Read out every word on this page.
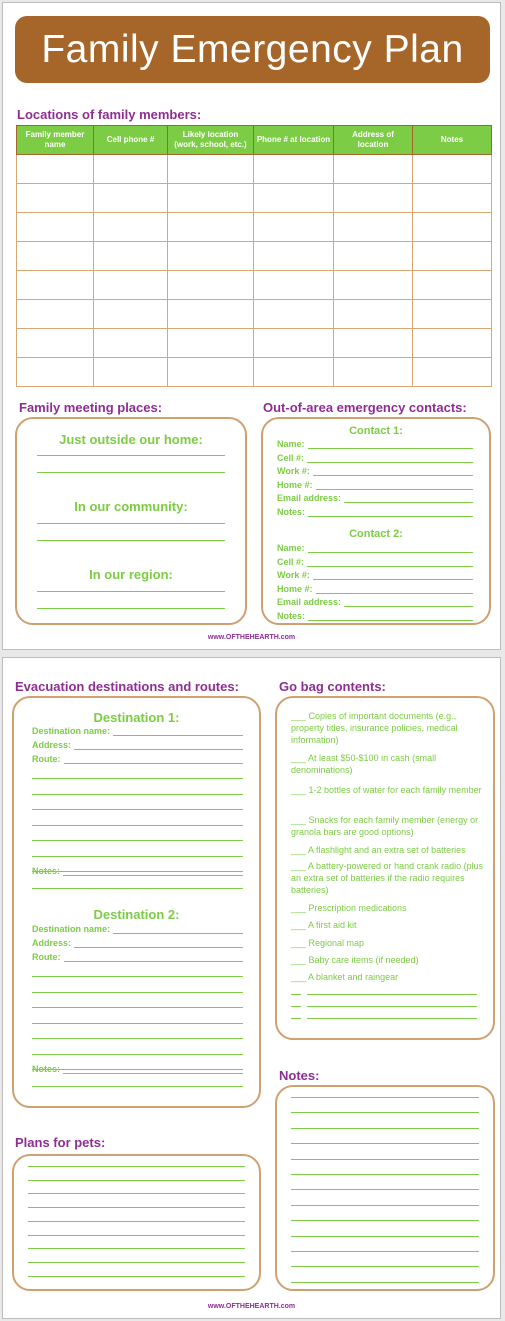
Family Emergency Plan
Locations of family members:
Family member name	Cell phone #	Likely location (work, school, etc.)	Phone # at location	Address of location	Notes

Family meeting places:	Out-of-area emergency contacts:
Just outside our home:
In our community:
In our region:
Contact 1:
Contact 2:
Name:
Cell #:
Work #:
Home #:
Email address:
Notes:
Name:
Cell #:
Work #:
Home #:
Email address:
Notes:
www.OFTHEHEARTH.com
Evacuation destinations and routes:	Go bag contents:
Destination 1:
Destination 2:
Destination name:
Address:
Route:
Notes:
Destination name:
Address:
Route:
Notes:
___ Copies of important documents (e.g., property titles, insurance policies, medical information)
___ At least $50-$100 in cash (small denominations)
___ 1-2 bottles of water for each family member
___ Snacks for each family member (energy or granola bars are good options)
___ A flashlight and an extra set of batteries
___ A battery-powered or hand crank radio (plus an extra set of batteries if the radio requires batteries)
___ Prescription medications
___ A first aid kit
___ Regional map
___ Baby care items (if needed)
___ A blanket and raingear
Notes:
Plans for pets:
www.OFTHEHEARTH.com
